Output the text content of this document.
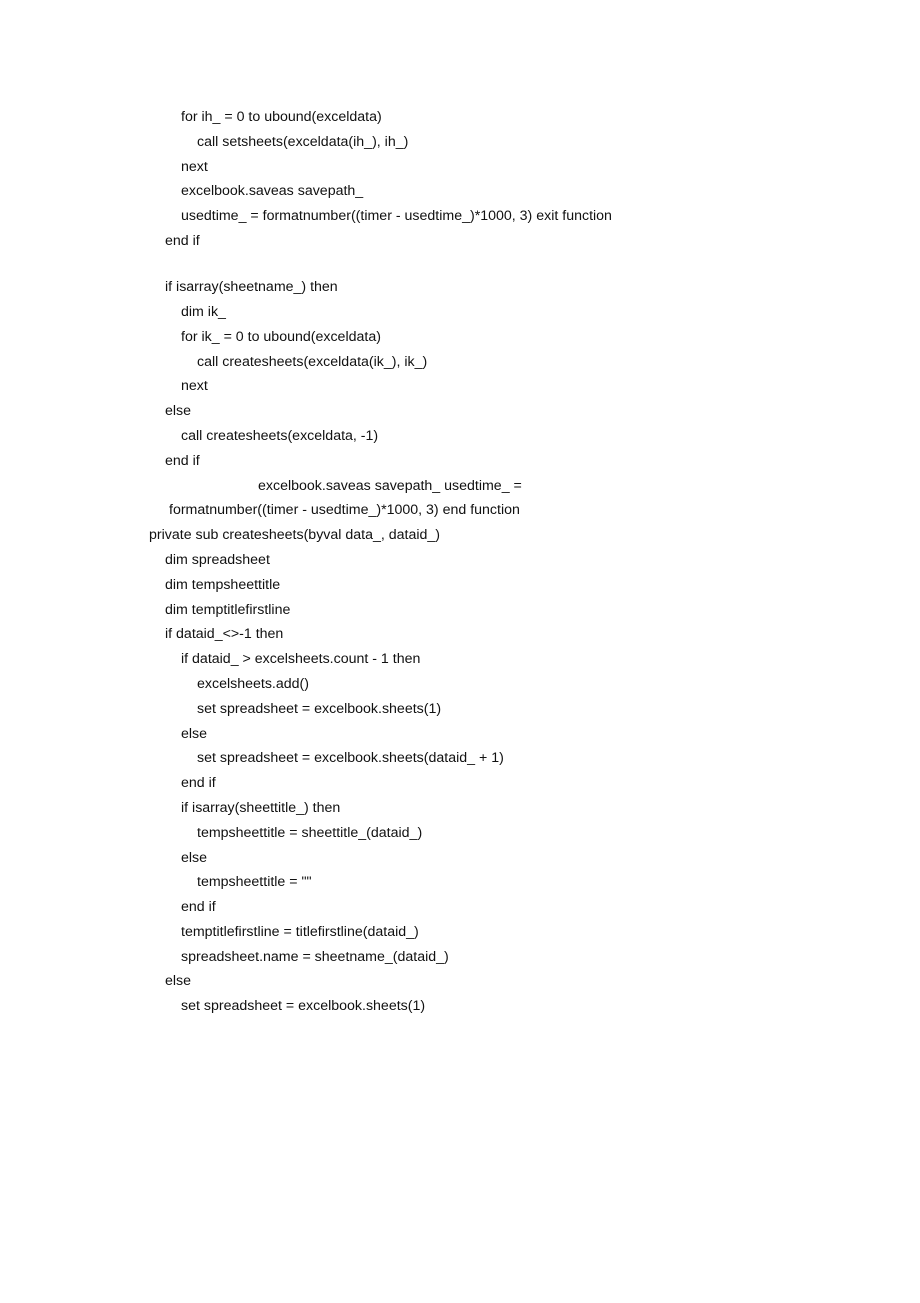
for ih_ = 0 to ubound(exceldata)
call setsheets(exceldata(ih_), ih_)
next
excelbook.saveas savepath_
usedtime_ = formatnumber((timer - usedtime_)*1000, 3) exit function
end if
if isarray(sheetname_) then
dim ik_
for ik_ = 0 to ubound(exceldata)
call createsheets(exceldata(ik_), ik_)
next
else
call createsheets(exceldata, -1)
end if
excelbook.saveas savepath_ usedtime_ =
formatnumber((timer - usedtime_)*1000, 3) end function
private sub createsheets(byval data_, dataid_)
dim spreadsheet
dim tempsheettitle
dim temptitlefirstline
if dataid_<>-1 then
if dataid_ > excelsheets.count - 1 then
excelsheets.add()
set spreadsheet = excelbook.sheets(1)
else
set spreadsheet = excelbook.sheets(dataid_ + 1)
end if
if isarray(sheettitle_) then
tempsheettitle = sheettitle_(dataid_)
else
tempsheettitle = ""
end if
temptitlefirstline = titlefirstline(dataid_)
spreadsheet.name = sheetname_(dataid_)
else
set spreadsheet = excelbook.sheets(1)
